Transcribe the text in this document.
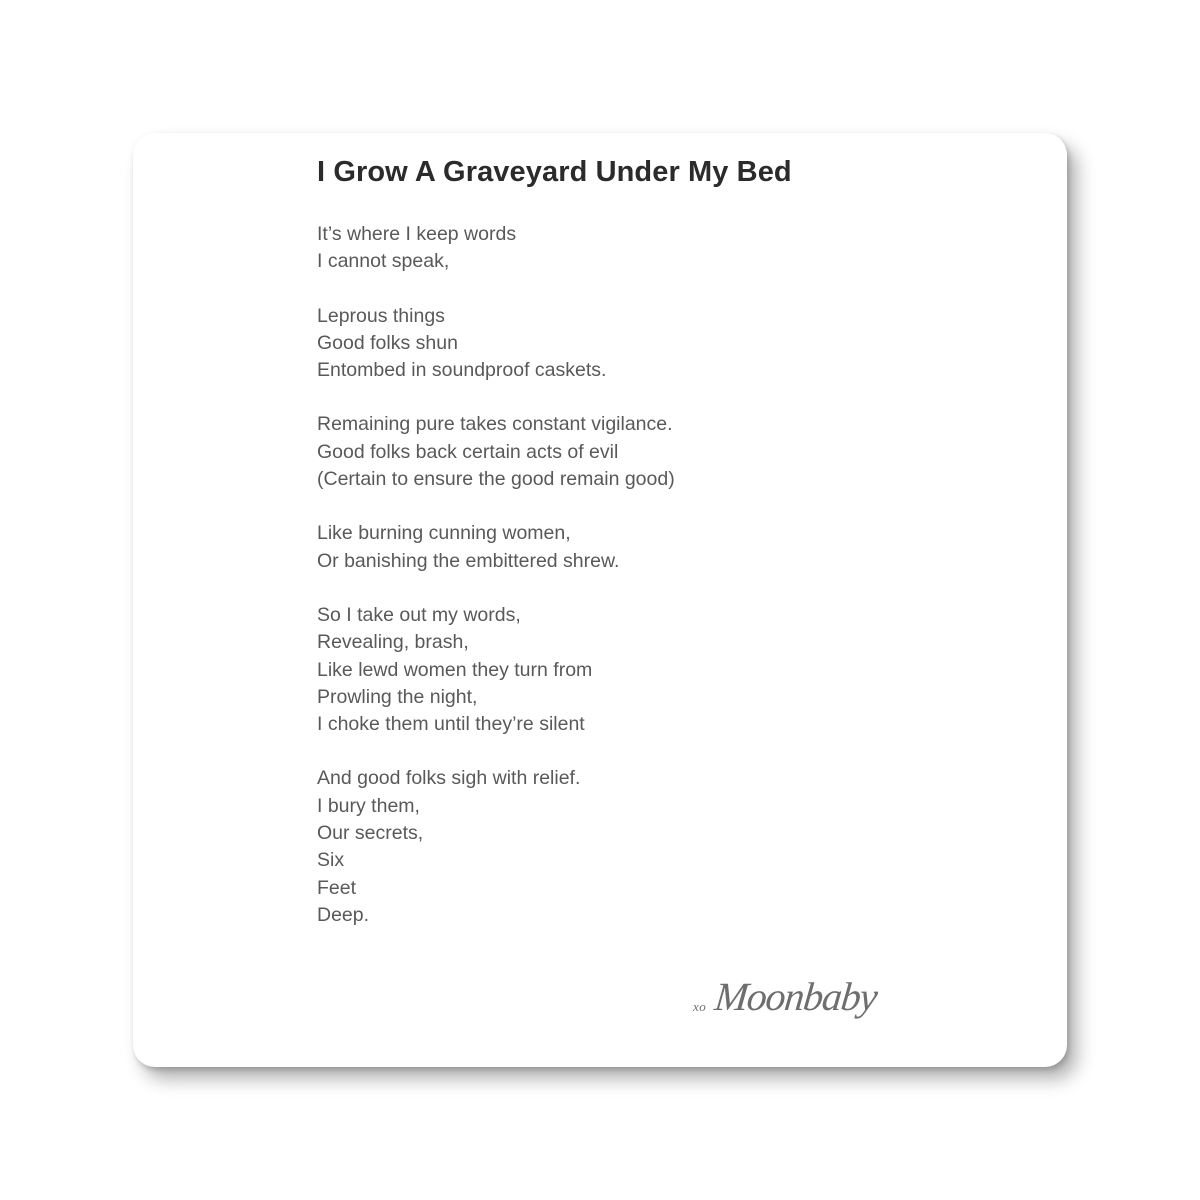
I Grow A Graveyard Under My Bed
It’s where I keep words
I cannot speak,
Leprous things
Good folks shun
Entombed in soundproof caskets.
Remaining pure takes constant vigilance.
Good folks back certain acts of evil
(Certain to ensure the good remain good)
Like burning cunning women,
Or banishing the embittered shrew.
So I take out my words,
Revealing, brash,
Like lewd women they turn from
Prowling the night,
I choke them until they’re silent
And good folks sigh with relief.
I bury them,
Our secrets,
Six
Feet
Deep.
xo Moonbaby
